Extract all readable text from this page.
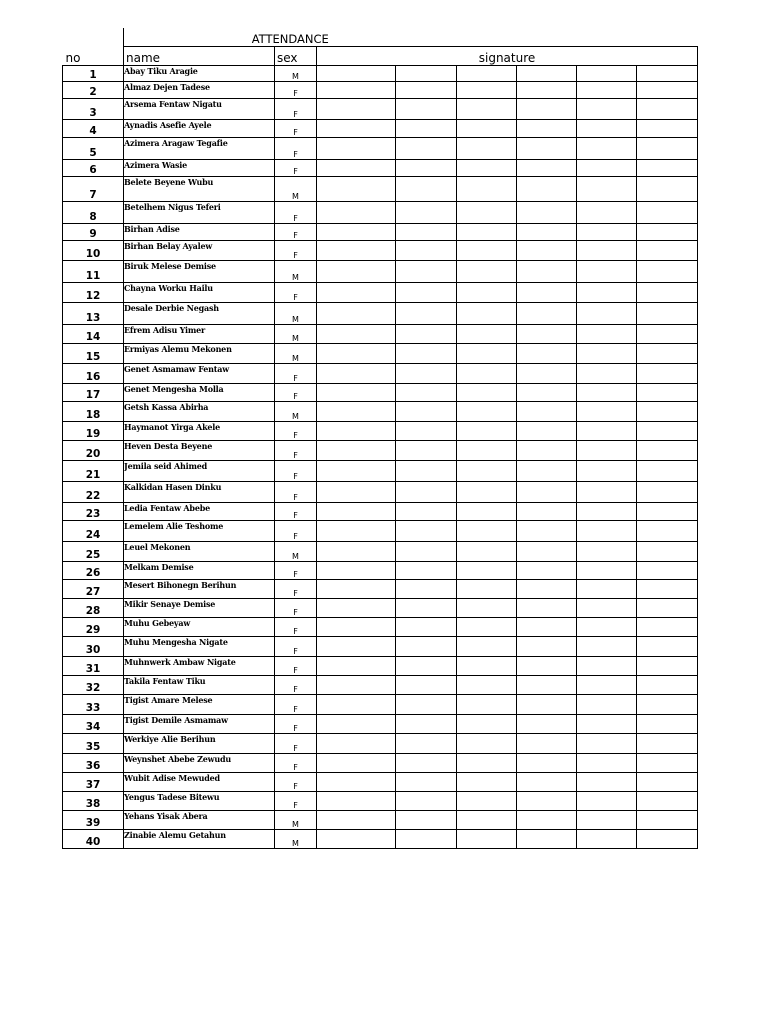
	ATTENDANCE							
no	name	sex	signature					
1	Abay Tiku Aragie	M						
2	Almaz Dejen Tadese	F						
3	Arsema Fentaw Nigatu	F						
4	Aynadis Asefie Ayele	F						
5	Azimera Aragaw Tegafie	F						
6	Azimera Wasie	F						
7	Belete Beyene Wubu	M						
8	Betelhem Nigus Teferi	F						
9	Birhan Adise	F						
10	Birhan Belay Ayalew	F						
11	Biruk Melese Demise	M						
12	Chayna Worku Hailu	F						
13	Desale Derbie Negash	M						
14	Efrem Adisu Yimer	M						
15	Ermiyas Alemu Mekonen	M						
16	Genet Asmamaw Fentaw	F						
17	Genet Mengesha Molla	F						
18	Getsh Kassa Abirha	M						
19	Haymanot Yirga Akele	F						
20	Heven Desta Beyene	F						
21	Jemila seid Ahimed	F						
22	Kalkidan Hasen Dinku	F						
23	Ledia Fentaw Abebe	F						
24	Lemelem Alie Teshome	F						
25	Leuel Mekonen	M						
26	Melkam Demise	F						
27	Mesert Bihonegn Berihun	F						
28	Mikir Senaye Demise	F						
29	Muhu Gebeyaw	F						
30	Muhu Mengesha Nigate	F						
31	Muhnwerk Ambaw Nigate	F						
32	Takila Fentaw Tiku	F						
33	Tigist Amare Melese	F						
34	Tigist Demile Asmamaw	F						
35	Werkiye Alie Berihun	F						
36	Weynshet Abebe Zewudu	F						
37	Wubit Adise Mewuded	F						
38	Yengus Tadese Bitewu	F						
39	Yehans Yisak Abera	M						
40	Zinabie Alemu Getahun	M						
